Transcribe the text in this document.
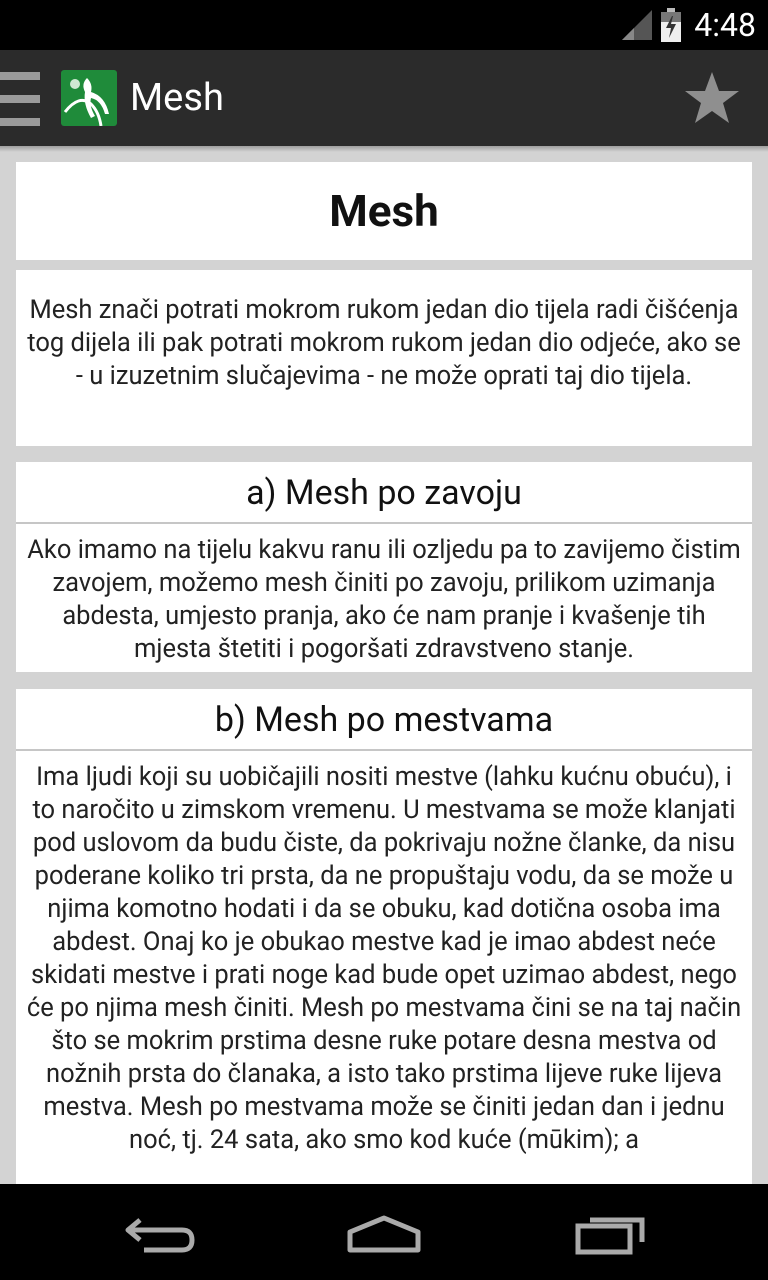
4:48
Mesh
Mesh
Mesh znači potrati mokrom rukom jedan dio tijela radi čišćenja tog dijela ili pak potrati mokrom rukom jedan dio odjeće, ako se - u izuzetnim slučajevima - ne može oprati taj dio tijela.
a) Mesh po zavoju
Ako imamo na tijelu kakvu ranu ili ozljedu pa to zavijemo čistim zavojem, možemo mesh činiti po zavoju, prilikom uzimanja abdesta, umjesto pranja, ako će nam pranje i kvašenje tih mjesta štetiti i pogoršati zdravstveno stanje.
b) Mesh po mestvama
Ima ljudi koji su uobičajili nositi mestve (lahku kućnu obuću), i to naročito u zimskom vremenu. U mestvama se može klanjati pod uslovom da budu čiste, da pokrivaju nožne članke, da nisu poderane koliko tri prsta, da ne propuštaju vodu, da se može u njima komotno hodati i da se obuku, kad dotična osoba ima abdest. Onaj ko je obukao mestve kad je imao abdest neće skidati mestve i prati noge kad bude opet uzimao abdest, nego će po njima mesh činiti. Mesh po mestvama čini se na taj način što se mokrim prstima desne ruke potare desna mestva od nožnih prsta do članaka, a isto tako prstima lijeve ruke lijeva mestva. Mesh po mestvama može se činiti jedan dan i jednu noć, tj. 24 sata, ako smo kod kuće (mūkim); a
